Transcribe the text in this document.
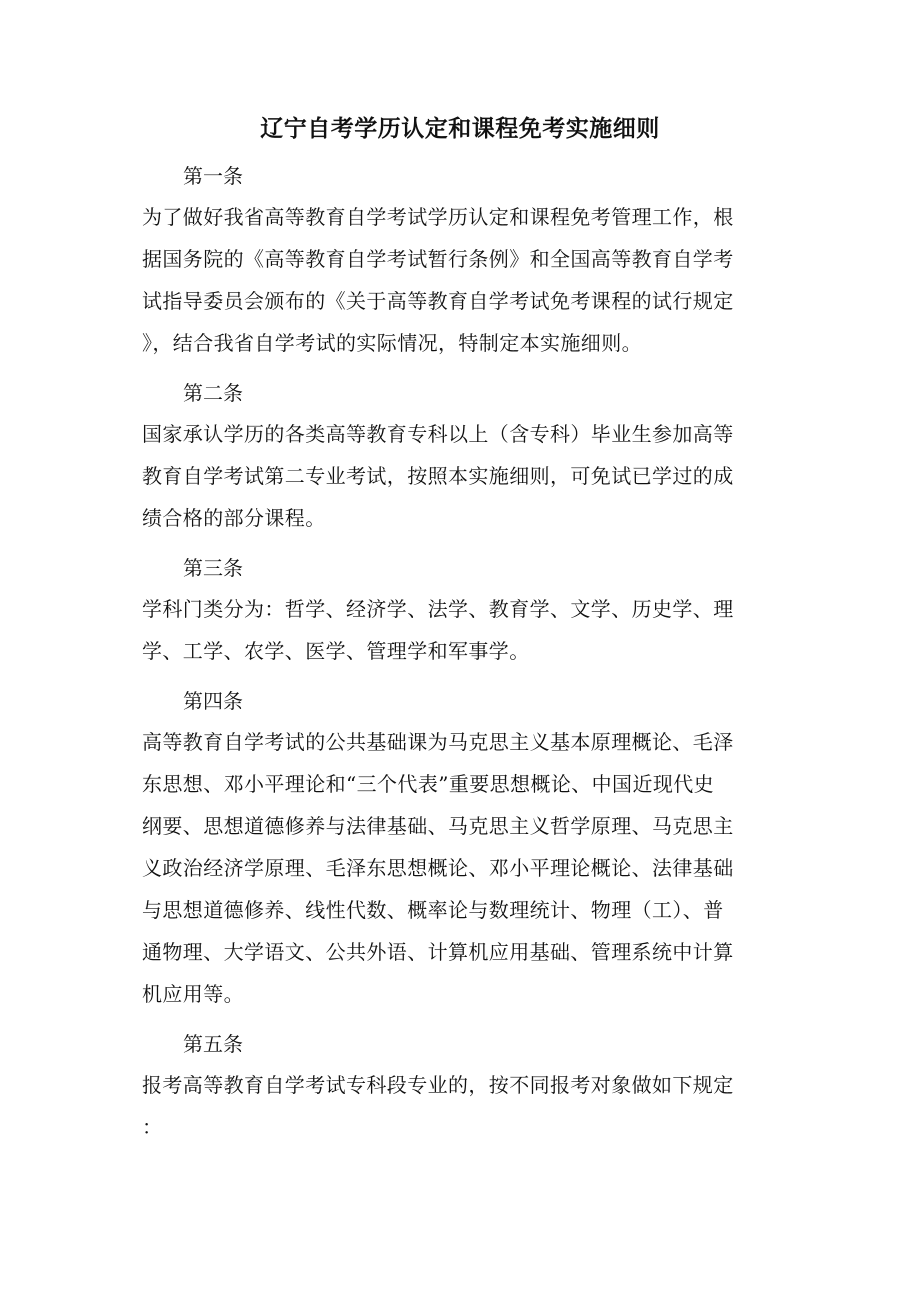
辽宁自考学历认定和课程免考实施细则
第一条
为了做好我省高等教育自学考试学历认定和课程免考管理工作，根
据国务院的《高等教育自学考试暂行条例》和全国高等教育自学考
试指导委员会颁布的《关于高等教育自学考试免考课程的试行规定
》，结合我省自学考试的实际情况，特制定本实施细则。
第二条
国家承认学历的各类高等教育专科以上（含专科）毕业生参加高等
教育自学考试第二专业考试，按照本实施细则，可免试已学过的成
绩合格的部分课程。
第三条
学科门类分为：哲学、经济学、法学、教育学、文学、历史学、理
学、工学、农学、医学、管理学和军事学。
第四条
高等教育自学考试的公共基础课为马克思主义基本原理概论、毛泽
东思想、邓小平理论和“三个代表”重要思想概论、中国近现代史
纲要、思想道德修养与法律基础、马克思主义哲学原理、马克思主
义政治经济学原理、毛泽东思想概论、邓小平理论概论、法律基础
与思想道德修养、线性代数、概率论与数理统计、物理（工）、普
通物理、大学语文、公共外语、计算机应用基础、管理系统中计算
机应用等。
第五条
报考高等教育自学考试专科段专业的，按不同报考对象做如下规定
：
